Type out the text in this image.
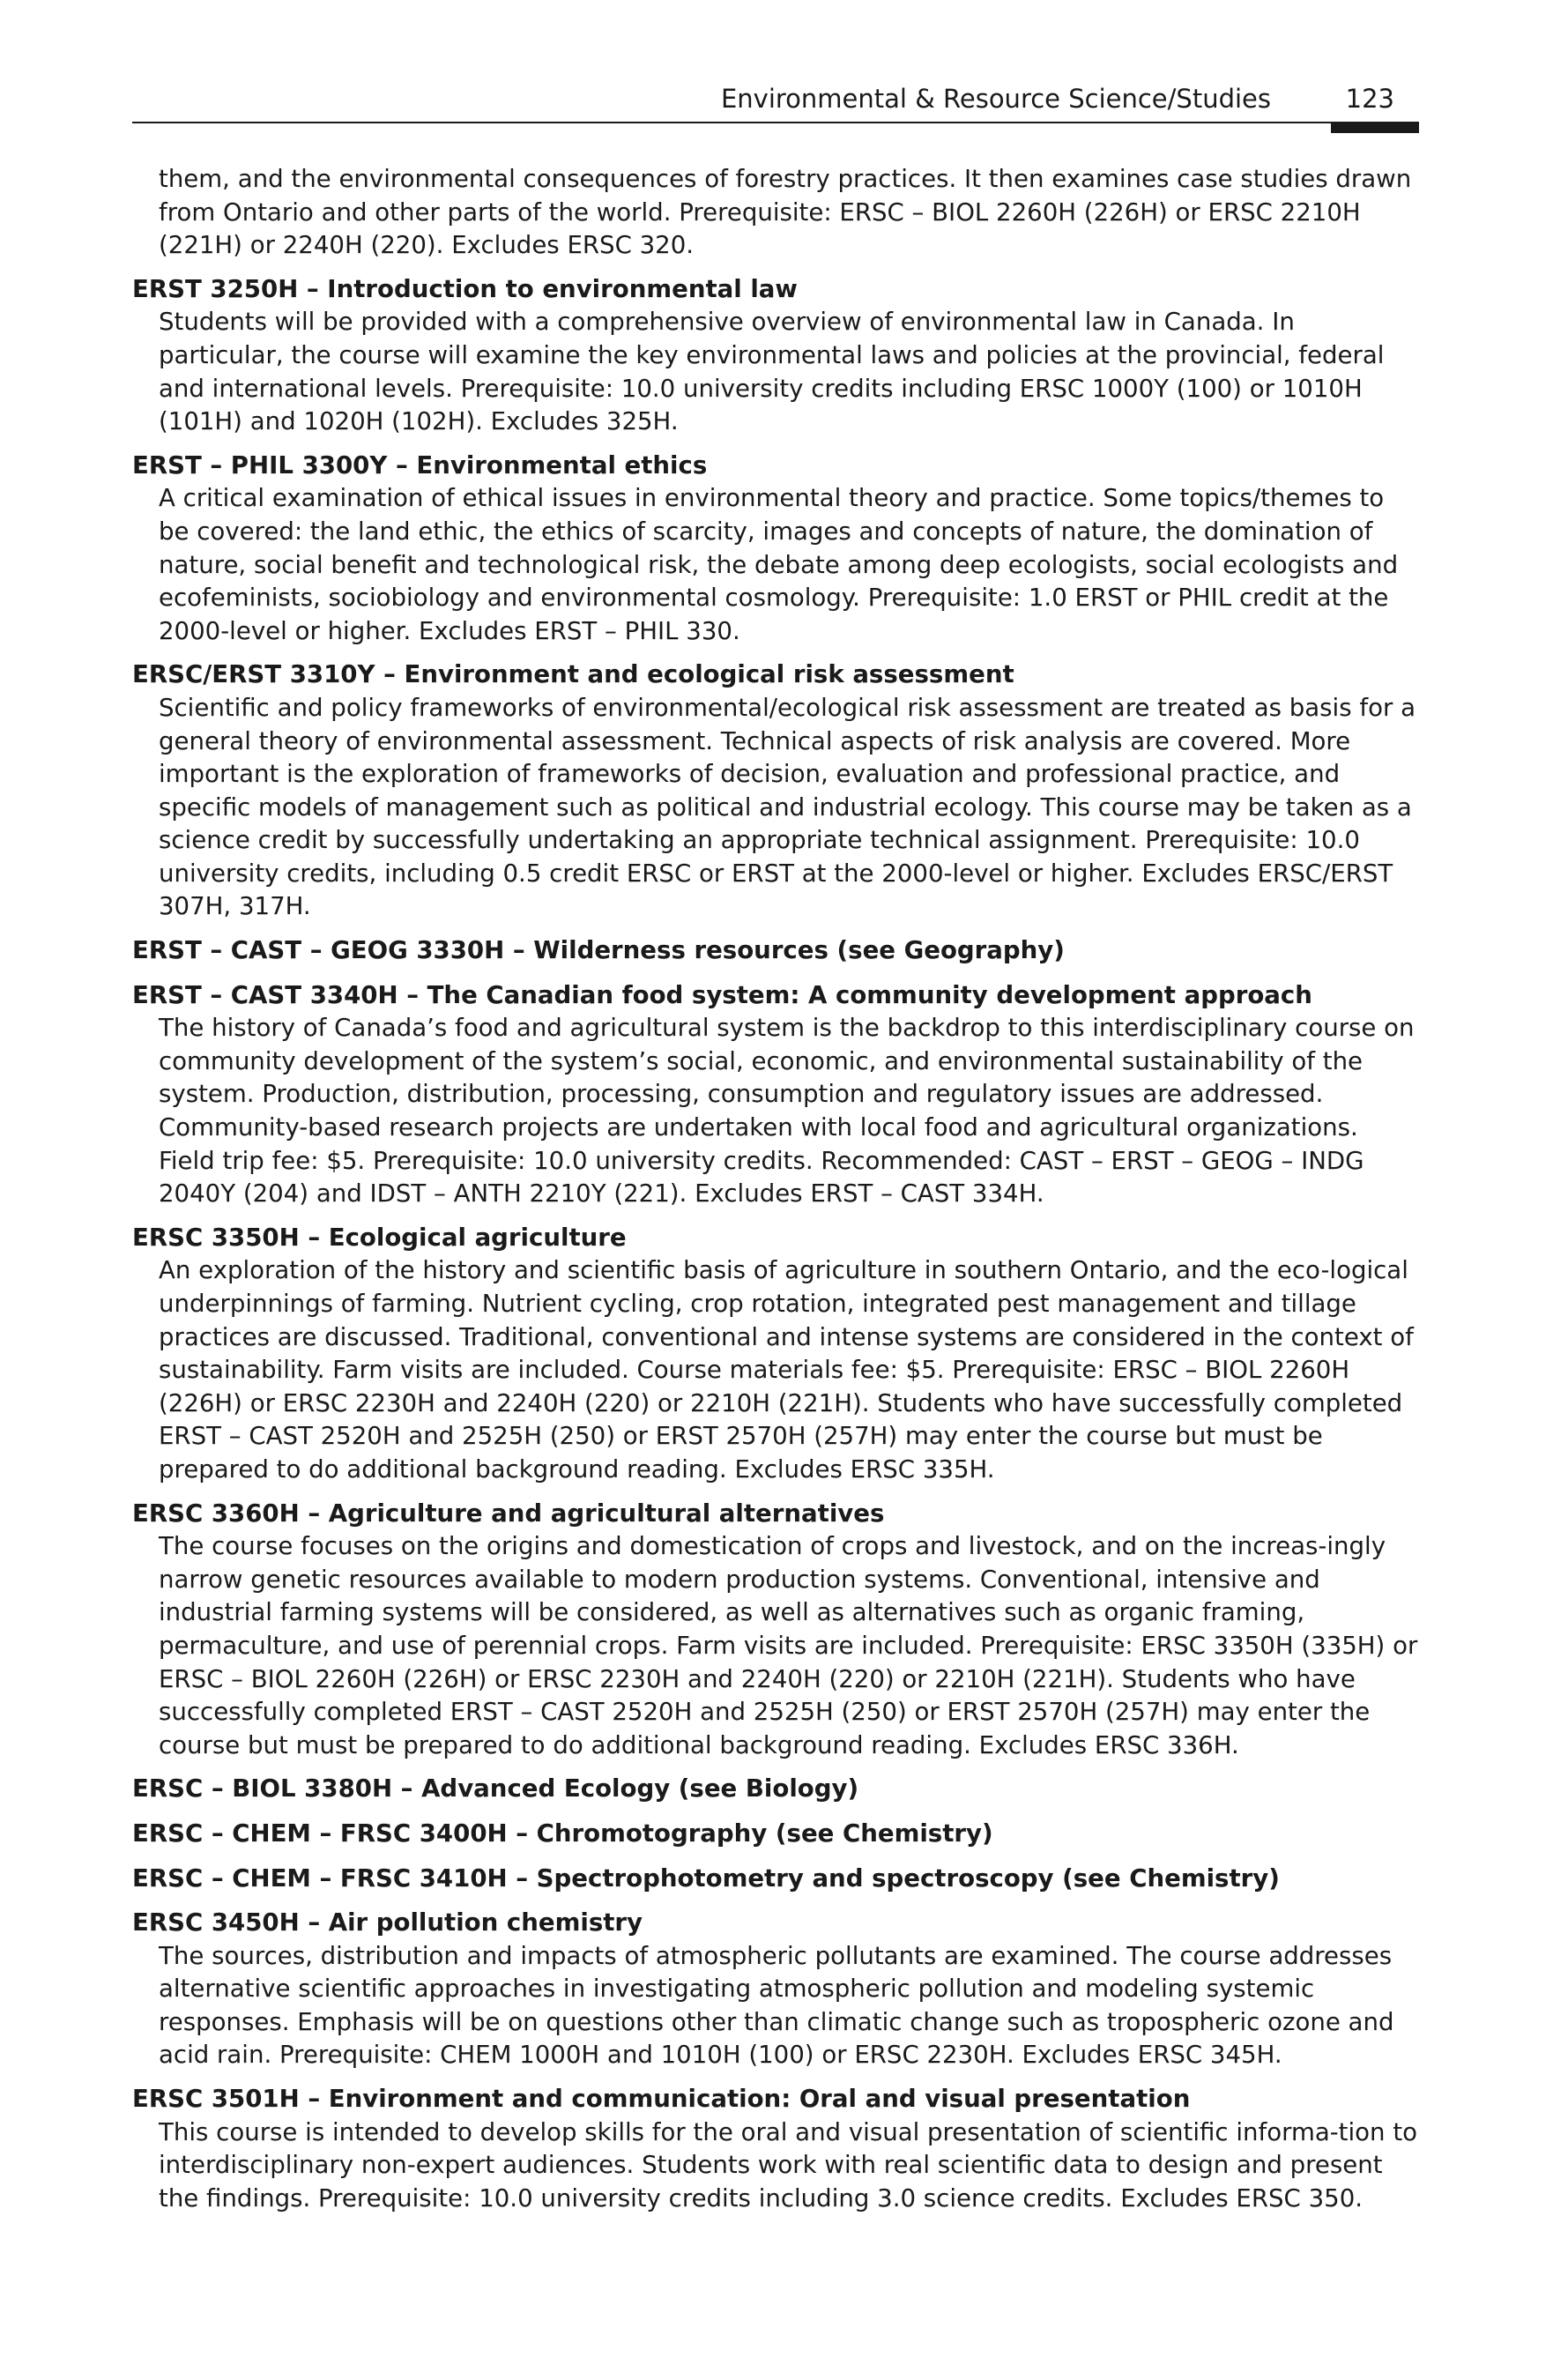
Environmental & Resource Science/Studies	123

them, and the environmental consequences of forestry practices. It then examines case studies drawn from Ontario and other parts of the world. Prerequisite: ERSC – BIOL 2260H (226H) or ERSC 2210H (221H) or 2240H (220). Excludes ERSC 320.

ERST 3250H – Introduction to environmental law

Students will be provided with a comprehensive overview of environmental law in Canada. In particular, the course will examine the key environmental laws and policies at the provincial, federal and international levels. Prerequisite: 10.0 university credits including ERSC 1000Y (100) or 1010H (101H) and 1020H (102H). Excludes 325H.

ERST – PHIL 3300Y – Environmental ethics

A critical examination of ethical issues in environmental theory and practice. Some topics/themes to be covered: the land ethic, the ethics of scarcity, images and concepts of nature, the domination of nature, social benefit and technological risk, the debate among deep ecologists, social ecologists and ecofeminists, sociobiology and environmental cosmology. Prerequisite: 1.0 ERST or PHIL credit at the 2000-level or higher. Excludes ERST – PHIL 330.

ERSC/ERST 3310Y – Environment and ecological risk assessment

Scientific and policy frameworks of environmental/ecological risk assessment are treated as basis for a general theory of environmental assessment. Technical aspects of risk analysis are covered. More important is the exploration of frameworks of decision, evaluation and professional practice, and specific models of management such as political and industrial ecology. This course may be taken as a science credit by successfully undertaking an appropriate technical assignment. Prerequisite: 10.0 university credits, including 0.5 credit ERSC or ERST at the 2000-level or higher. Excludes ERSC/ERST 307H, 317H.

ERST – CAST – GEOG 3330H – Wilderness resources (see Geography)

ERST – CAST 3340H – The Canadian food system: A community development approach

The history of Canada’s food and agricultural system is the backdrop to this interdisciplinary course on community development of the system’s social, economic, and environmental sustainability of the system. Production, distribution, processing, consumption and regulatory issues are addressed. Community-based research projects are undertaken with local food and agricultural organizations. Field trip fee: $5. Prerequisite: 10.0 university credits. Recommended: CAST – ERST – GEOG – INDG 2040Y (204) and IDST – ANTH 2210Y (221). Excludes ERST – CAST 334H.

ERSC 3350H – Ecological agriculture

An exploration of the history and scientific basis of agriculture in southern Ontario, and the eco-logical underpinnings of farming. Nutrient cycling, crop rotation, integrated pest management and tillage practices are discussed. Traditional, conventional and intense systems are considered in the context of sustainability. Farm visits are included. Course materials fee: $5. Prerequisite: ERSC – BIOL 2260H (226H) or ERSC 2230H and 2240H (220) or 2210H (221H). Students who have successfully completed ERST – CAST 2520H and 2525H (250) or ERST 2570H (257H) may enter the course but must be prepared to do additional background reading. Excludes ERSC 335H.

ERSC 3360H – Agriculture and agricultural alternatives

The course focuses on the origins and domestication of crops and livestock, and on the increas-ingly narrow genetic resources available to modern production systems. Conventional, intensive and industrial farming systems will be considered, as well as alternatives such as organic framing, permaculture, and use of perennial crops. Farm visits are included. Prerequisite: ERSC 3350H (335H) or ERSC – BIOL 2260H (226H) or ERSC 2230H and 2240H (220) or 2210H (221H). Students who have successfully completed ERST – CAST 2520H and 2525H (250) or ERST 2570H (257H) may enter the course but must be prepared to do additional background reading. Excludes ERSC 336H.

ERSC – BIOL 3380H – Advanced Ecology (see Biology)

ERSC – CHEM – FRSC 3400H – Chromotography (see Chemistry)

ERSC – CHEM – FRSC 3410H – Spectrophotometry and spectroscopy (see Chemistry)

ERSC 3450H – Air pollution chemistry

The sources, distribution and impacts of atmospheric pollutants are examined. The course addresses alternative scientific approaches in investigating atmospheric pollution and modeling systemic responses. Emphasis will be on questions other than climatic change such as tropospheric ozone and acid rain. Prerequisite: CHEM 1000H and 1010H (100) or ERSC 2230H. Excludes ERSC 345H.

ERSC 3501H – Environment and communication: Oral and visual presentation

This course is intended to develop skills for the oral and visual presentation of scientific informa-tion to interdisciplinary non-expert audiences. Students work with real scientific data to design and present the findings. Prerequisite: 10.0 university credits including 3.0 science credits. Excludes ERSC 350.
